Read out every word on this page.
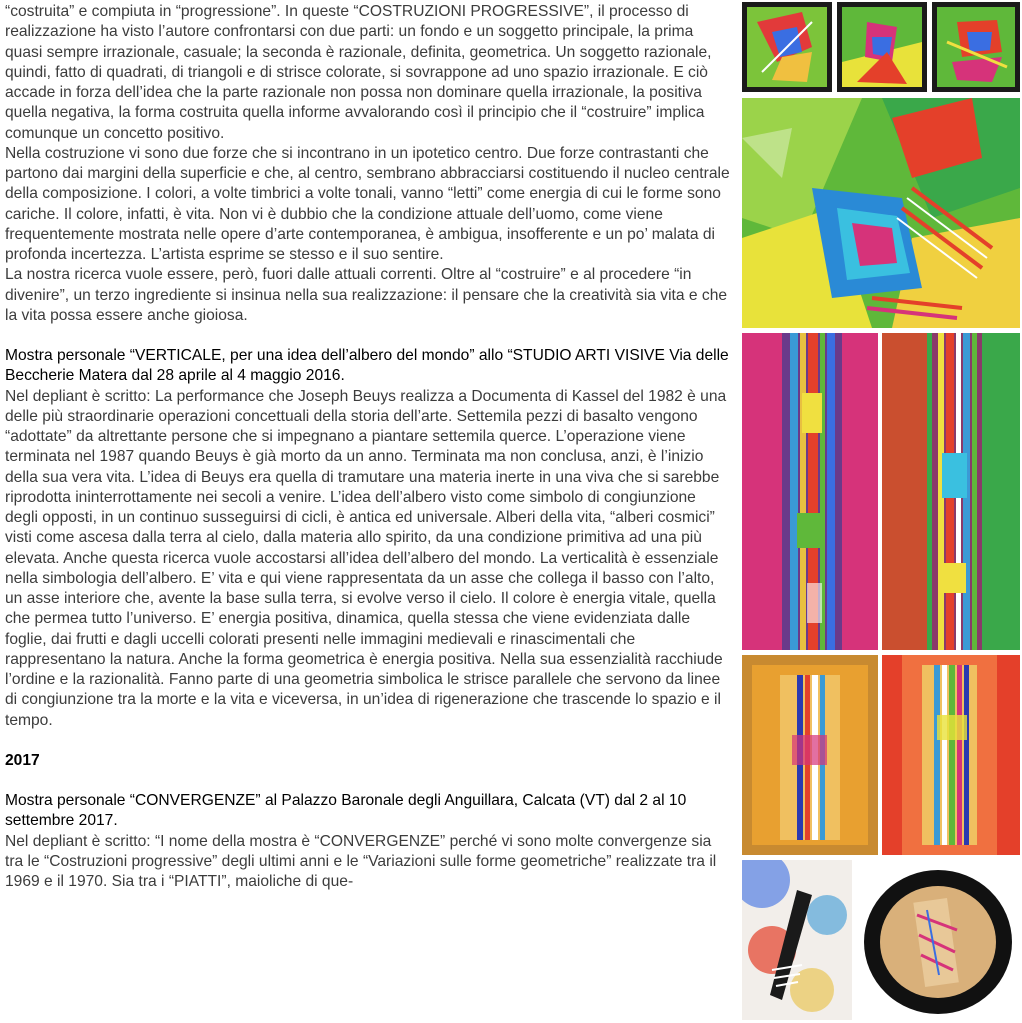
“costruita” e compiuta in “progressione”. In queste “COSTRUZIONI PROGRESSIVE”, il processo di realizzazione ha visto l’autore confrontarsi con due parti: un fondo e un soggetto principale, la prima quasi sempre irrazionale, casuale; la seconda è razionale, definita, geometrica. Un soggetto razionale, quindi, fatto di quadrati, di triangoli e di strisce colorate, si sovrappone ad uno spazio irrazionale. E ciò accade in forza dell’idea che la parte razionale non possa non dominare quella irrazionale, la positiva quella negativa, la forma costruita quella informe avvalorando così il principio che il “costruire” implica comunque un concetto positivo.

Nella costruzione vi sono due forze che si incontrano in un ipotetico centro. Due forze contrastanti che partono dai margini della superficie e che, al centro, sembrano abbracciarsi costituendo il nucleo centrale della composizione. I colori, a volte timbrici a volte tonali, vanno “letti” come energia di cui le forme sono cariche. Il colore, infatti, è vita. Non vi è dubbio che la condizione attuale dell’uomo, come viene frequentemente mostrata nelle opere d’arte contemporanea, è ambigua, insofferente e un po’ malata di profonda incertezza. L’artista esprime se stesso e il suo sentire.

La nostra ricerca vuole essere, però, fuori dalle attuali correnti. Oltre al “costruire” e al procedere “in divenire”, un terzo ingrediente si insinua nella sua realizzazione: il pensare che la creatività sia vita e che la vita possa essere anche gioiosa.

Mostra personale “VERTICALE, per una idea dell’albero del mondo” allo “STUDIO ARTI VISIVE Via delle Beccherie Matera dal 28 aprile al 4 maggio 2016.

Nel depliant è scritto: La performance che Joseph Beuys realizza a Documenta di Kassel del 1982 è una delle più straordinarie operazioni concettuali della storia dell’arte. Settemila pezzi di basalto vengono “adottate” da altrettante persone che si impegnano a piantare settemila querce. L’operazione viene terminata nel 1987 quando Beuys è già morto da un anno. Terminata ma non conclusa, anzi, è l’inizio della sua vera vita. L’idea di Beuys era quella di tramutare una materia inerte in una viva che si sarebbe riprodotta ininterrottamente nei secoli a venire. L’idea dell’albero visto come simbolo di congiunzione degli opposti, in un continuo susseguirsi di cicli, è antica ed universale. Alberi della vita, “alberi cosmici” visti come ascesa dalla terra al cielo, dalla materia allo spirito, da una condizione primitiva ad una più elevata. Anche questa ricerca vuole accostarsi all’idea dell’albero del mondo. La verticalità è essenziale nella simbologia dell’albero. E’ vita e qui viene rappresentata da un asse che collega il basso con l’alto, un asse interiore che, avente la base sulla terra, si evolve verso il cielo. Il colore è energia vitale, quella che permea tutto l’universo. E’ energia positiva, dinamica, quella stessa che viene evidenziata dalle foglie, dai frutti e dagli uccelli colorati presenti nelle immagini medievali e rinascimentali che rappresentano la natura. Anche la forma geometrica è energia positiva. Nella sua essenzialità racchiude l’ordine e la razionalità. Fanno parte di una geometria simbolica le strisce parallele che servono da linee di congiunzione tra la morte e la vita e viceversa, in un’idea di rigenerazione che trascende lo spazio e il tempo.

2017

Mostra personale “CONVERGENZE” al Palazzo Baronale degli Anguillara, Calcata (VT) dal 2 al 10 settembre 2017.

Nel depliant è scritto: “I nome della mostra è “CONVERGENZE” perché vi sono molte convergenze sia tra le “Costruzioni progressive” degli ultimi anni e le “Variazioni sulle forme geometriche” realizzate tra il 1969 e il 1970. Sia tra i “PIATTI”, maioliche di que-
